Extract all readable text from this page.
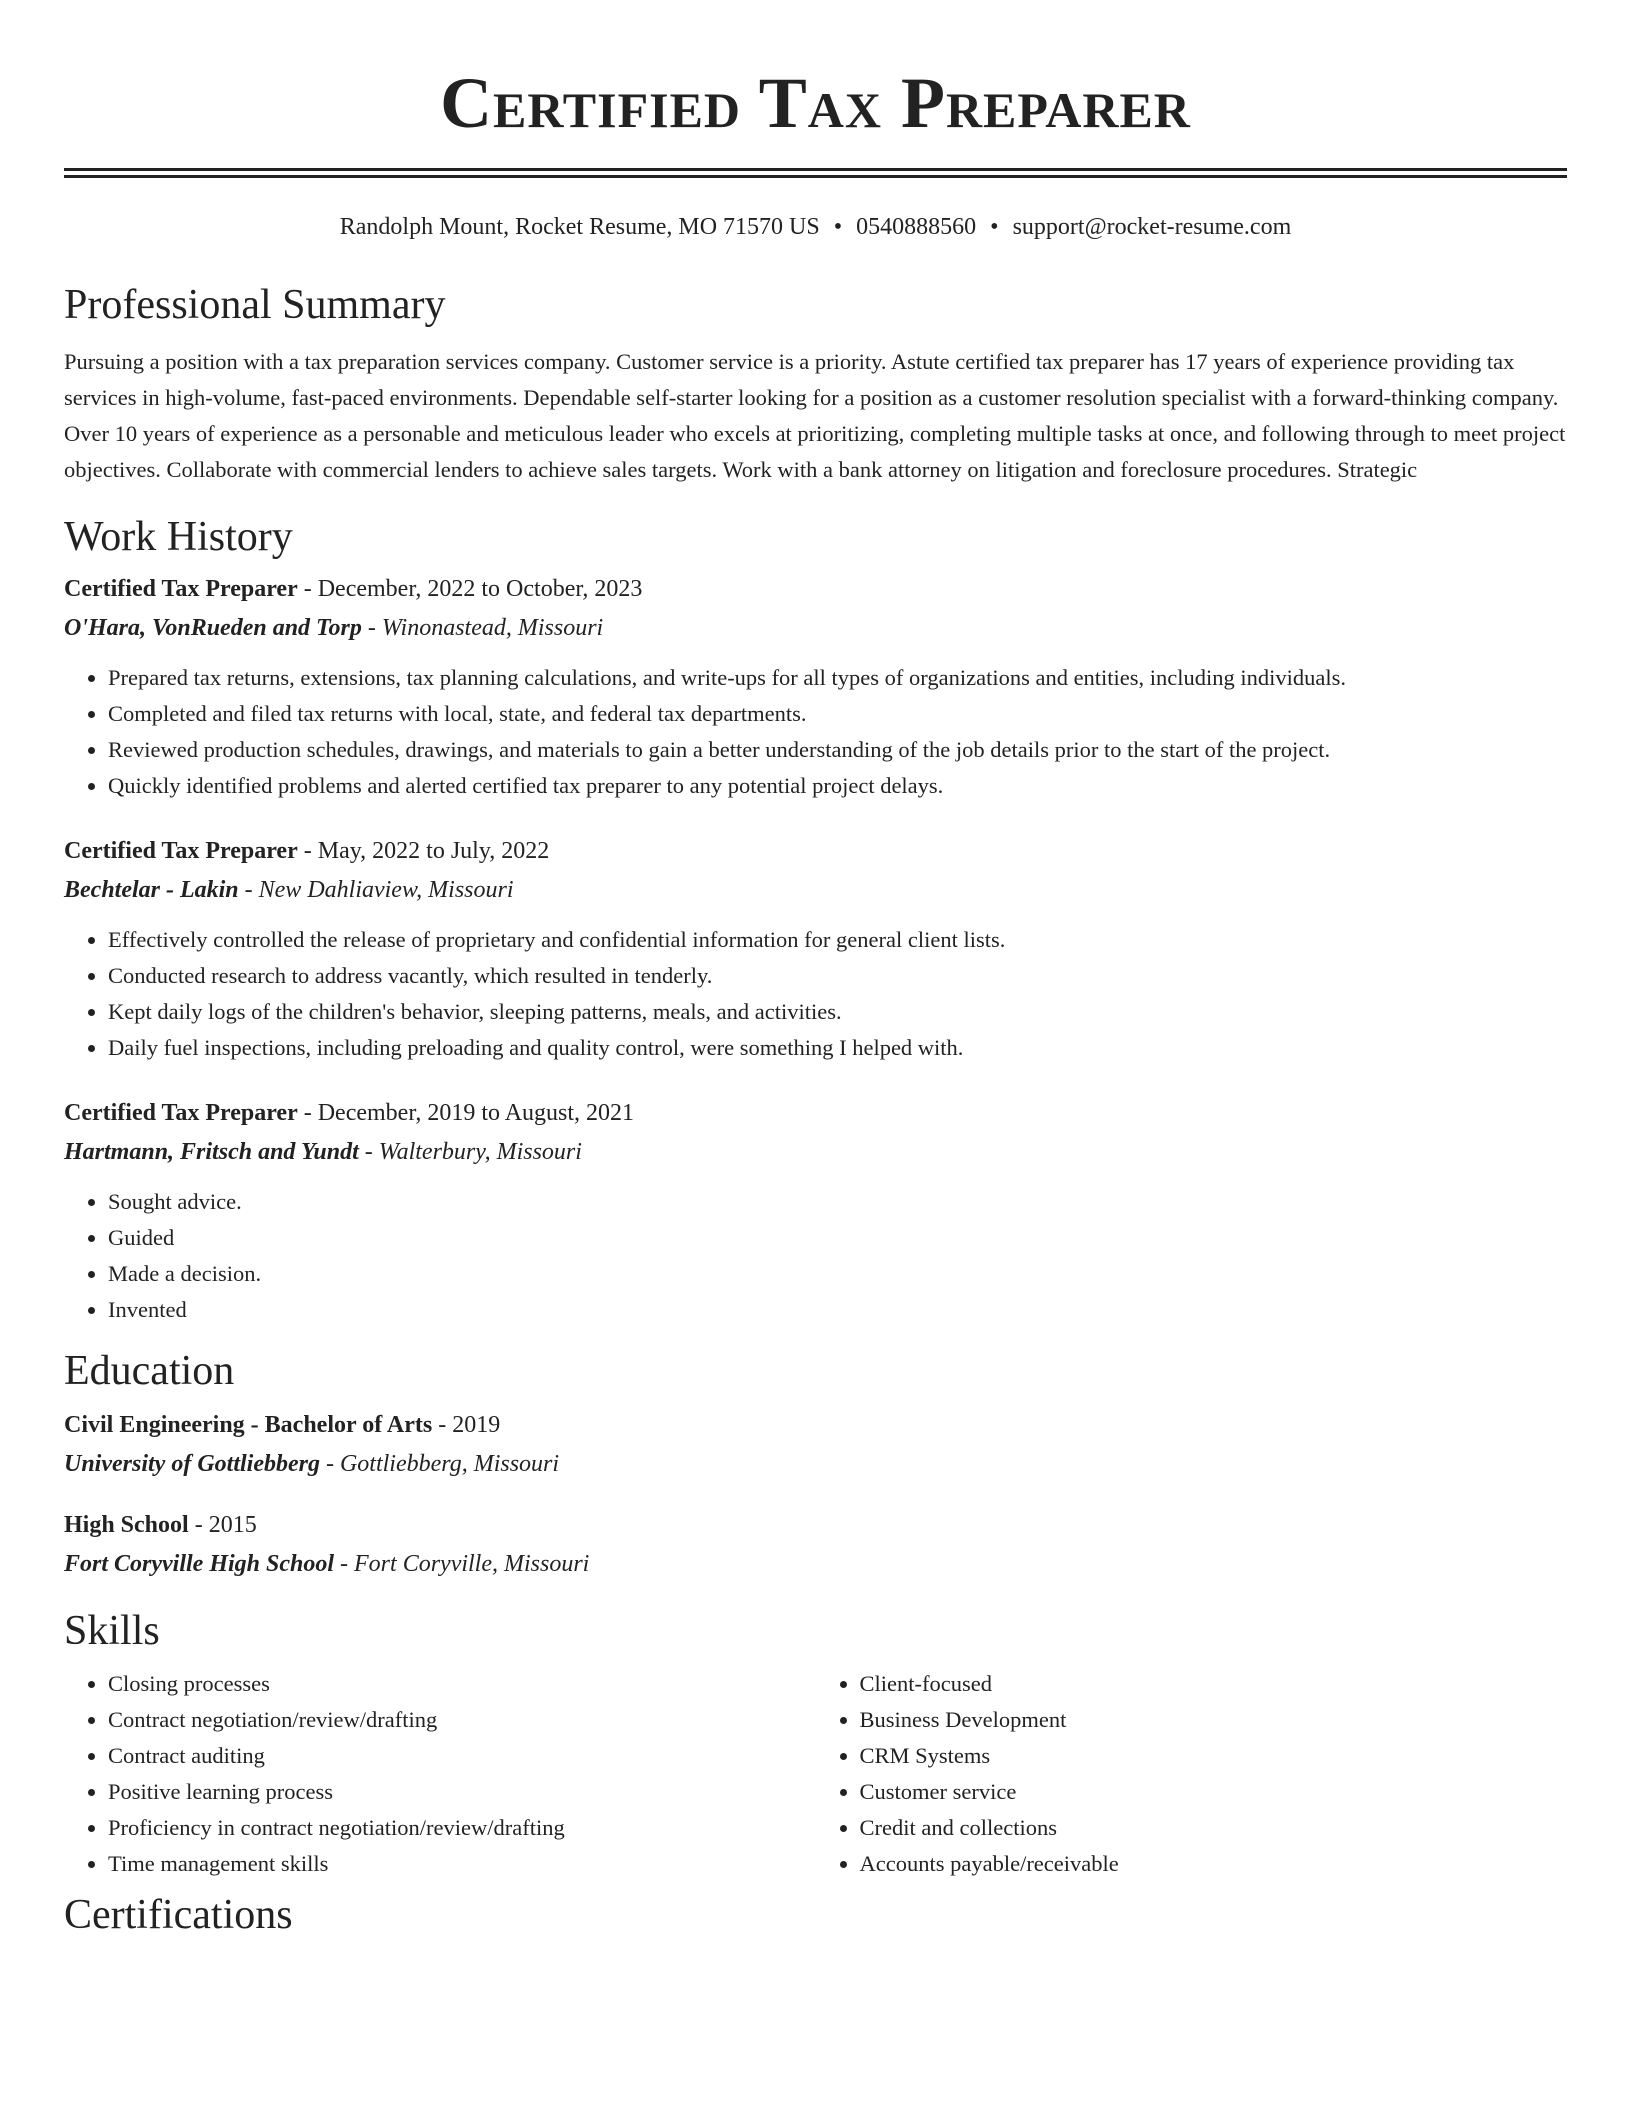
Certified Tax Preparer
Randolph Mount, Rocket Resume, MO 71570 US • 0540888560 • support@rocket-resume.com
Professional Summary
Pursuing a position with a tax preparation services company. Customer service is a priority. Astute certified tax preparer has 17 years of experience providing tax services in high-volume, fast-paced environments. Dependable self-starter looking for a position as a customer resolution specialist with a forward-thinking company. Over 10 years of experience as a personable and meticulous leader who excels at prioritizing, completing multiple tasks at once, and following through to meet project objectives. Collaborate with commercial lenders to achieve sales targets. Work with a bank attorney on litigation and foreclosure procedures. Strategic
Work History
Certified Tax Preparer - December, 2022 to October, 2023
O'Hara, VonRueden and Torp - Winonastead, Missouri
• Prepared tax returns, extensions, tax planning calculations, and write-ups for all types of organizations and entities, including individuals.
• Completed and filed tax returns with local, state, and federal tax departments.
• Reviewed production schedules, drawings, and materials to gain a better understanding of the job details prior to the start of the project.
• Quickly identified problems and alerted certified tax preparer to any potential project delays.
Certified Tax Preparer - May, 2022 to July, 2022
Bechtelar - Lakin - New Dahliaview, Missouri
• Effectively controlled the release of proprietary and confidential information for general client lists.
• Conducted research to address vacantly, which resulted in tenderly.
• Kept daily logs of the children's behavior, sleeping patterns, meals, and activities.
• Daily fuel inspections, including preloading and quality control, were something I helped with.
Certified Tax Preparer - December, 2019 to August, 2021
Hartmann, Fritsch and Yundt - Walterbury, Missouri
• Sought advice.
• Guided
• Made a decision.
• Invented
Education
Civil Engineering - Bachelor of Arts - 2019
University of Gottliebberg - Gottliebberg, Missouri
High School - 2015
Fort Coryville High School - Fort Coryville, Missouri
Skills
• Closing processes
• Contract negotiation/review/drafting
• Contract auditing
• Positive learning process
• Proficiency in contract negotiation/review/drafting
• Time management skills
• Client-focused
• Business Development
• CRM Systems
• Customer service
• Credit and collections
• Accounts payable/receivable
Certifications
